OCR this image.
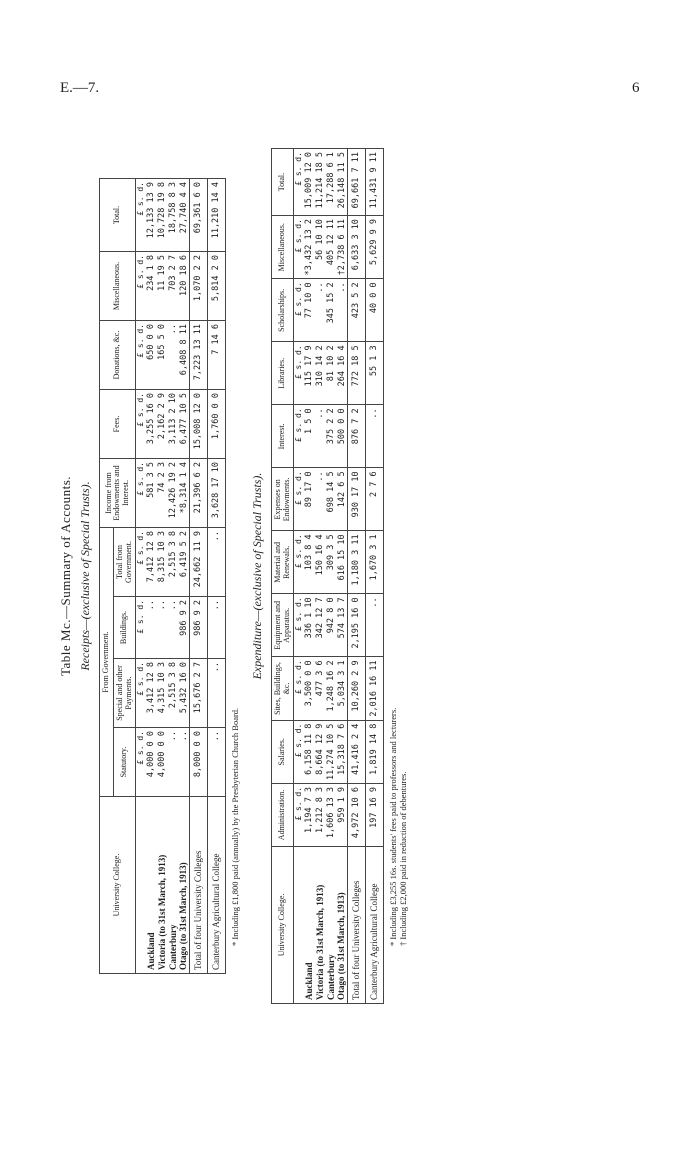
E.—7.	6
Table Mc.—Summary of Accounts. Receipts—(exclusive of Special Trusts).
University College.	From Government.				Income from Endowments and Interest.	Fees.	Donations, &c.	Miscellaneous.	Total.
	Statutory.	Special and other Payments.	Buildings.	Total from Government.					
	£ s. d.	£ s. d.	£ s. d.	£ s. d.	£ s. d.	£ s. d.	£ s. d.	£ s. d.	£ s. d.
Auckland	4,000 0 0	3,412 12 8	..	7,412 12 8	581 3 5	3,255 16 0	650 0 0	234 1 8	12,133 13 9
Victoria (to 31st March, 1913)	4,000 0 0	4,315 10 3	..	8,315 10 3	74 2 3	2,162 2 9	165 5 0	11 19 5	10,728 19 8
Canterbury	..	2,515 3 8	..	2,515 3 8	12,426 19 2	3,113 2 10	..	703 2 7	18,758 8 3
Otago (to 31st March, 1913)	..	5,432 16 0	986 9 2	6,419 5 2	*8,314 1 4	6,477 10 5	6,408 8 11	120 18 6	27,740 4 4
Total of four University Colleges	8,000 0 0	15,676 2 7	986 9 2	24,662 11 9	21,396 6 2	15,008 12 0	7,223 13 11	1,070 2 2	69,361 6 0
Canterbury Agricultural College	..	..	..	..	3,628 17 10	1,760 0 0	7 14 6	5,814 2 0	11,210 14 4
* Including £1,800 paid (annually) by the Presbyterian Church Board.
Expenditure—(exclusive of Special Trusts).
University College.	Administration.	Salaries.	Sites, Buildings, &c.	Equipment and Apparatus.	Material and Renewals.	Expenses on Endowments.	Interest.	Libraries.	Scholarships.	Miscellaneous.	Total.
	£ s. d.	£ s. d.	£ s. d.	£ s. d.	£ s. d.	£ s. d.	£ s. d.	£ s. d.	£ s. d.	£ s. d.	£ s. d.
Auckland	1,194 7 3	6,158 11 8	3,500 0 0	336 1 10	103 8 4	89 17 0	1 5 0	115 17 9	77 10 0	*3,432 13 2	15,009 12 0
Victoria (to 31st March, 1913)	1,212 8 3	8,664 12 9	477 3 6	342 12 7	150 16 4	..	..	310 14 2	..	56 10 10	11,214 18 5
Canterbury	1,606 13 3	11,274 10 5	1,248 16 2	942 8 0	309 3 5	698 14 5	375 2 2	81 10 2	345 15 2	405 12 11	17,288 6 1
Otago (to 31st March, 1913)	959 1 9	15,318 7 6	5,034 3 1	574 13 7	616 15 10	142 6 5	500 0 0	264 16 4	..	†2,738 6 11	26,148 11 5
Total of four University Colleges	4,972 10 6	41,416 2 4	10,260 2 9	2,195 16 0	1,180 3 11	930 17 10	876 7 2	772 18 5	423 5 2	6,633 3 10	69,661 7 11
Canterbury Agricultural College	197 16 9	1,819 14 8	2,016 16 11	..	1,670 3 1	2 7 6	..	55 1 3	40 0 0	5,629 9 9	11,431 9 11
* Including £3,255 16s. students' fees paid to professors and lecturers. † Including £2,000 paid in reduction of debentures.
